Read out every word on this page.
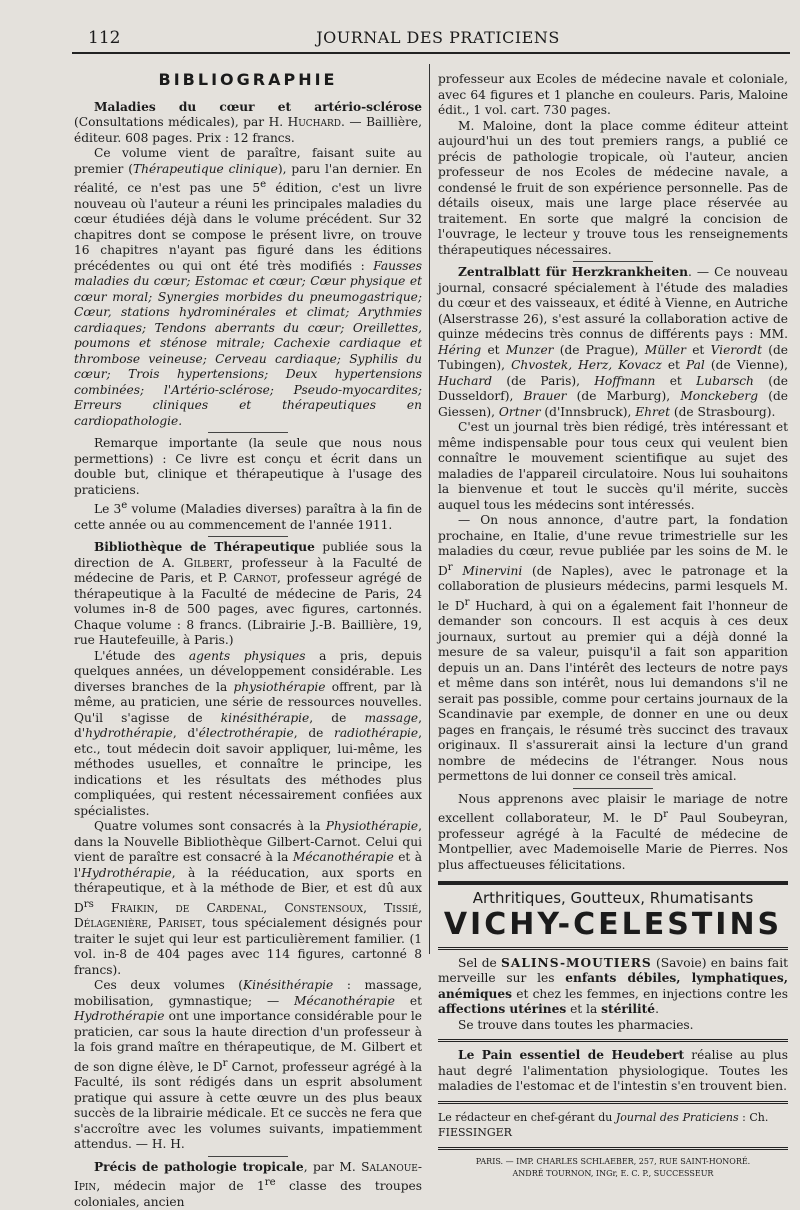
112	JOURNAL DES PRATICIENS
BIBLIOGRAPHIE

Maladies du cœur et artério-sclérose (Consultations médicales), par H. Huchard. — Baillière, éditeur. 608 pages. Prix : 12 francs.

Ce volume vient de paraître, faisant suite au premier (Thérapeutique clinique), paru l'an dernier. En réalité, ce n'est pas une 5e édition, c'est un livre nouveau où l'auteur a réuni les principales maladies du cœur étudiées déjà dans le volume précédent. Sur 32 chapitres dont se compose le présent livre, on trouve 16 chapitres n'ayant pas figuré dans les éditions précédentes ou qui ont été très modifiés : Fausses maladies du cœur; Estomac et cœur; Cœur physique et cœur moral; Synergies morbides du pneumogastrique; Cœur, stations hydrominérales et climat; Arythmies cardiaques; Tendons aberrants du cœur; Oreillettes, poumons et sténose mitrale; Cachexie cardiaque et thrombose veineuse; Cerveau cardiaque; Syphilis du cœur; Trois hypertensions; Deux hypertensions combinées; l'Artério-sclérose; Pseudo-myocardites; Erreurs cliniques et thérapeutiques en cardiopathologie.

Remarque importante (la seule que nous nous permettions) : Ce livre est conçu et écrit dans un double but, clinique et thérapeutique à l'usage des praticiens.

Le 3e volume (Maladies diverses) paraîtra à la fin de cette année ou au commencement de l'année 1911.

Bibliothèque de Thérapeutique publiée sous la direction de A. Gilbert, professeur à la Faculté de médecine de Paris, et P. Carnot, professeur agrégé de thérapeutique à la Faculté de médecine de Paris, 24 volumes in-8 de 500 pages, avec figures, cartonnés. Chaque volume : 8 francs. (Librairie J.-B. Baillière, 19, rue Hautefeuille, à Paris.)

L'étude des agents physiques a pris, depuis quelques années, un développement considérable. Les diverses branches de la physiothérapie offrent, par là même, au praticien, une série de ressources nouvelles. Qu'il s'agisse de kinésithérapie, de massage, d'hydrothérapie, d'électrothérapie, de radiothérapie, etc., tout médecin doit savoir appliquer, lui-même, les méthodes usuelles, et connaître le principe, les indications et les résultats des méthodes plus compliquées, qui restent nécessairement confiées aux spécialistes.

Quatre volumes sont consacrés à la Physiothérapie, dans la Nouvelle Bibliothèque Gilbert-Carnot. Celui qui vient de paraître est consacré à la Mécanothérapie et à l'Hydrothérapie, à la rééducation, aux sports en thérapeutique, et à la méthode de Bier, et est dû aux $D^{rs}$ Fraikin, de Cardenal, Constensoux, Tissié, Délagenière, Pariset, tous spécialement désignés pour traiter le sujet qui leur est particulièrement familier. (1 vol. in-8 de 404 pages avec 114 figures, cartonné 8 francs).

Ces deux volumes (Kinésithérapie : massage, mobilisation, gymnastique; — Mécanothérapie et Hydrothérapie ont une importance considérable pour le praticien, car sous la haute direction d'un professeur à la fois grand maître en thérapeutique, de M. Gilbert et de son digne élève, le $D^r$ Carnot, professeur agrégé à la Faculté, ils sont rédigés dans un esprit absolument pratique qui assure à cette œuvre un des plus beaux succès de la librairie médicale. Et ce succès ne fera que s'accroître avec les volumes suivants, impatiemment attendus. — H. H.

Précis de pathologie tropicale, par M. Salanoue-Ipin, médecin major de 1re classe des troupes coloniales, ancien

professeur aux Ecoles de médecine navale et coloniale, avec 64 figures et 1 planche en couleurs. Paris, Maloine édit., 1 vol. cart. 730 pages.

M. Maloine, dont la place comme éditeur atteint aujourd'hui un des tout premiers rangs, a publié ce précis de pathologie tropicale, où l'auteur, ancien professeur de nos Ecoles de médecine navale, a condensé le fruit de son expérience personnelle. Pas de détails oiseux, mais une large place réservée au traitement. En sorte que malgré la concision de l'ouvrage, le lecteur y trouve tous les renseignements thérapeutiques nécessaires.

Zentralblatt für Herzkrankheiten. — Ce nouveau journal, consacré spécialement à l'étude des maladies du cœur et des vaisseaux, et édité à Vienne, en Autriche (Alserstrasse 26), s'est assuré la collaboration active de quinze médecins très connus de différents pays : MM. Héring et Munzer (de Prague), Müller et Vierordt (de Tubingen), Chvostek, Herz, Kovacz et Pal (de Vienne), Huchard (de Paris), Hoffmann et Lubarsch (de Dusseldorf), Brauer (de Marburg), Monckeberg (de Giessen), Ortner (d'Innsbruck), Ehret (de Strasbourg).

C'est un journal très bien rédigé, très intéressant et même indispensable pour tous ceux qui veulent bien connaître le mouvement scientifique au sujet des maladies de l'appareil circulatoire. Nous lui souhaitons la bienvenue et tout le succès qu'il mérite, succès auquel tous les médecins sont intéressés.

— On nous annonce, d'autre part, la fondation prochaine, en Italie, d'une revue trimestrielle sur les maladies du cœur, revue publiée par les soins de M. le $D^r$ Minervini (de Naples), avec le patronage et la collaboration de plusieurs médecins, parmi lesquels M. le $D^r$ Huchard, à qui on a également fait l'honneur de demander son concours. Il est acquis à ces deux journaux, surtout au premier qui a déjà donné la mesure de sa valeur, puisqu'il a fait son apparition depuis un an. Dans l'intérêt des lecteurs de notre pays et même dans son intérêt, nous lui demandons s'il ne serait pas possible, comme pour certains journaux de la Scandinavie par exemple, de donner en une ou deux pages en français, le résumé très succinct des travaux originaux. Il s'assurerait ainsi la lecture d'un grand nombre de médecins de l'étranger. Nous nous permettons de lui donner ce conseil très amical.

Nous apprenons avec plaisir le mariage de notre excellent collaborateur, M. le $D^r$ Paul Soubeyran, professeur agrégé à la Faculté de médecine de Montpellier, avec Mademoiselle Marie de Pierres. Nos plus affectueuses félicitations.

Arthritiques, Goutteux, Rhumatisants
VICHY-CELESTINS

Sel de SALINS-MOUTIERS (Savoie) en bains fait merveille sur les enfants débiles, lymphatiques, anémiques et chez les femmes, en injections contre les affections utérines et la stérilité.

Se trouve dans toutes les pharmacies.

Le Pain essentiel de Heudebert réalise au plus haut degré l'alimentation physiologique. Toutes les maladies de l'estomac et de l'intestin s'en trouvent bien.

Le rédacteur en chef-gérant du Journal des Praticiens : Ch. FIESSINGER

PARIS. — IMP. CHARLES SCHLAEBER, 257, RUE SAINT-HONORÉ.
ANDRÉ TOURNON, INGr, E. C. P., SUCCESSEUR
